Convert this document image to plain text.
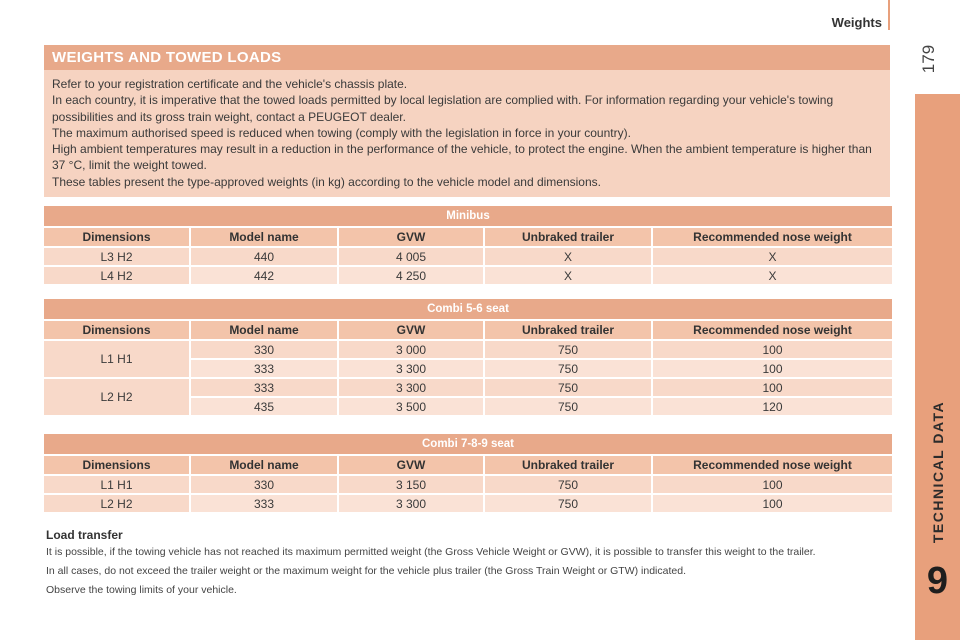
Weights
179
TECHNICAL DATA
9
WEIGHTS AND TOWED LOADS

Refer to your registration certificate and the vehicle's chassis plate.

In each country, it is imperative that the towed loads permitted by local legislation are complied with. For information regarding your vehicle's towing possibilities and its gross train weight, contact a PEUGEOT dealer.

The maximum authorised speed is reduced when towing (comply with the legislation in force in your country).

High ambient temperatures may result in a reduction in the performance of the vehicle, to protect the engine. When the ambient temperature is higher than 37 °C, limit the weight towed.

These tables present the type-approved weights (in kg) according to the vehicle model and dimensions.

Minibus				
Dimensions	Model name	GVW	Unbraked trailer	Recommended nose weight
L3 H2	440	4 005	X	X
L4 H2	442	4 250	X	X
Combi 5-6 seat				
Dimensions	Model name	GVW	Unbraked trailer	Recommended nose weight
L1 H1	330	3 000	750	100
	333	3 300	750	100
L2 H2	333	3 300	750	100
	435	3 500	750	120
Combi 7-8-9 seat				
Dimensions	Model name	GVW	Unbraked trailer	Recommended nose weight
L1 H1	330	3 150	750	100
L2 H2	333	3 300	750	100

Load transfer

It is possible, if the towing vehicle has not reached its maximum permitted weight (the Gross Vehicle Weight or GVW), it is possible to transfer this weight to the trailer.

In all cases, do not exceed the trailer weight or the maximum weight for the vehicle plus trailer (the Gross Train Weight or GTW) indicated.

Observe the towing limits of your vehicle.
